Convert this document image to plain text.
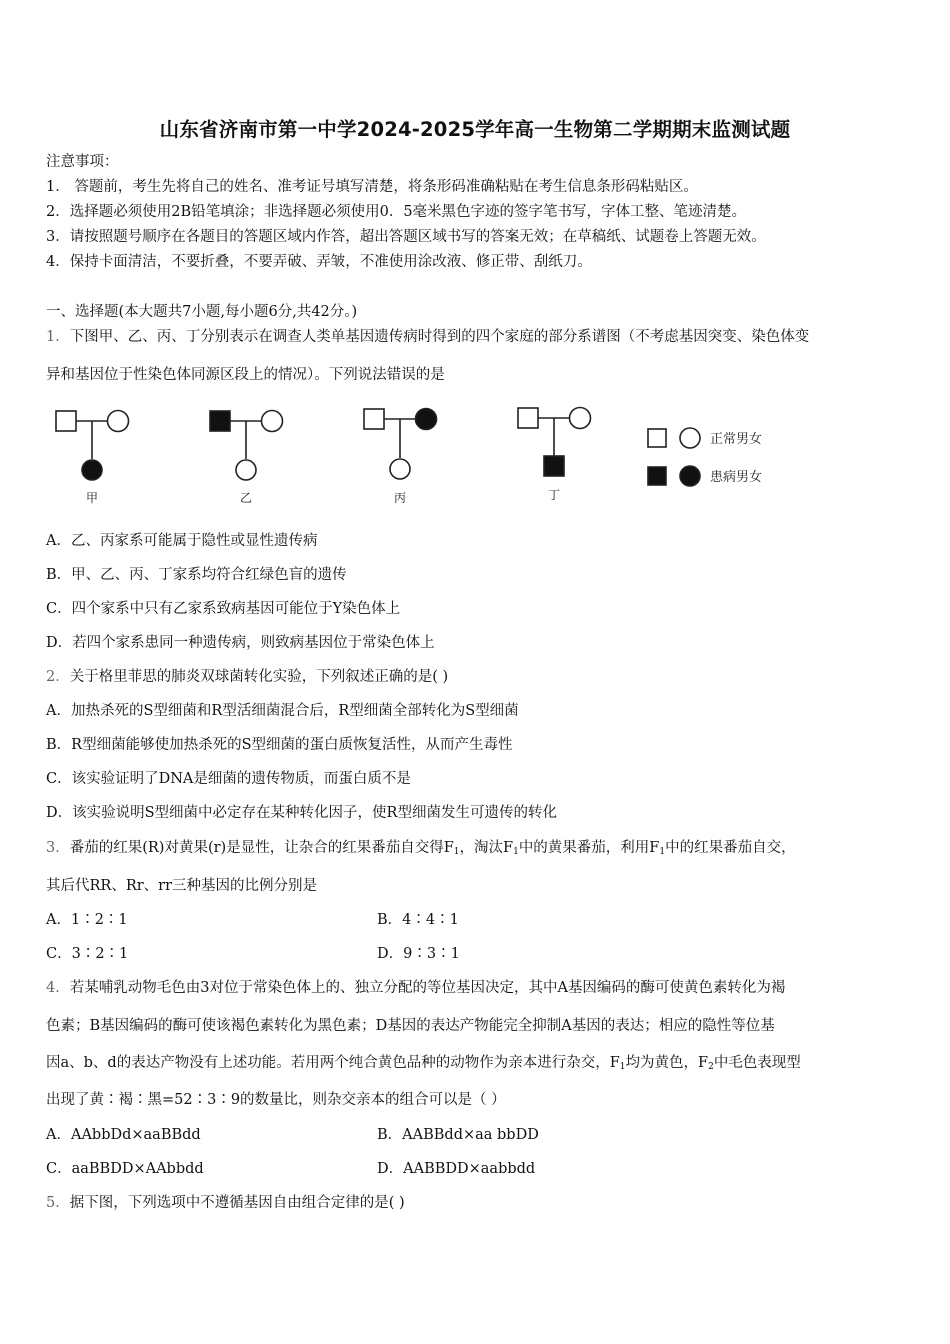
山东省济南市第一中学2024-2025学年高一生物第二学期期末监测试题
注意事项：
1． 答题前，考生先将自己的姓名、准考证号填写清楚，将条形码准确粘贴在考生信息条形码粘贴区。
2．选择题必须使用2B铅笔填涂；非选择题必须使用0．5毫米黑色字迹的签字笔书写，字体工整、笔迹清楚。
3．请按照题号顺序在各题目的答题区域内作答，超出答题区域书写的答案无效；在草稿纸、试题卷上答题无效。
4．保持卡面清洁，不要折叠，不要弄破、弄皱，不准使用涂改液、修正带、刮纸刀。
一、选择题(本大题共7小题,每小题6分,共42分。)
1．下图甲、乙、丙、丁分别表示在调查人类单基因遗传病时得到的四个家庭的部分系谱图（不考虑基因突变、染色体变
异和基因位于性染色体同源区段上的情况）。下列说法错误的是
甲	乙	丙	丁
正常男女
患病男女
A．乙、丙家系可能属于隐性或显性遗传病
B．甲、乙、丙、丁家系均符合红绿色盲的遗传
C．四个家系中只有乙家系致病基因可能位于Y染色体上
D．若四个家系患同一种遗传病，则致病基因位于常染色体上
2．关于格里菲思的肺炎双球菌转化实验，下列叙述正确的是( )
A．加热杀死的S型细菌和R型活细菌混合后，R型细菌全部转化为S型细菌
B．R型细菌能够使加热杀死的S型细菌的蛋白质恢复活性，从而产生毒性
C．该实验证明了DNA是细菌的遗传物质，而蛋白质不是
D．该实验说明S型细菌中必定存在某种转化因子，使R型细菌发生可遗传的转化
3．番茄的红果(R)对黄果(r)是显性，让杂合的红果番茄自交得$F_1$，淘汰$F_1$中的黄果番茄，利用$F_1$中的红果番茄自交，
其后代RR、Rr、rr三种基因的比例分别是
A．1∶2∶1	B．4∶4∶1
C．3∶2∶1	D．9∶3∶1
4．若某哺乳动物毛色由3对位于常染色体上的、独立分配的等位基因决定，其中A基因编码的酶可使黄色素转化为褐
色素；B基因编码的酶可使该褐色素转化为黑色素；D基因的表达产物能完全抑制A基因的表达；相应的隐性等位基
因a、b、d的表达产物没有上述功能。若用两个纯合黄色品种的动物作为亲本进行杂交，$F_1$均为黄色，$F_2$中毛色表现型
出现了黄∶褐∶黑=52∶3∶9的数量比，则杂交亲本的组合可以是（ ）
A．AAbbDd×aaBBdd	B．AABBdd×aa bbDD
C．aaBBDD×AAbbdd	D．AABBDD×aabbdd
5．据下图，下列选项中不遵循基因自由组合定律的是( )
